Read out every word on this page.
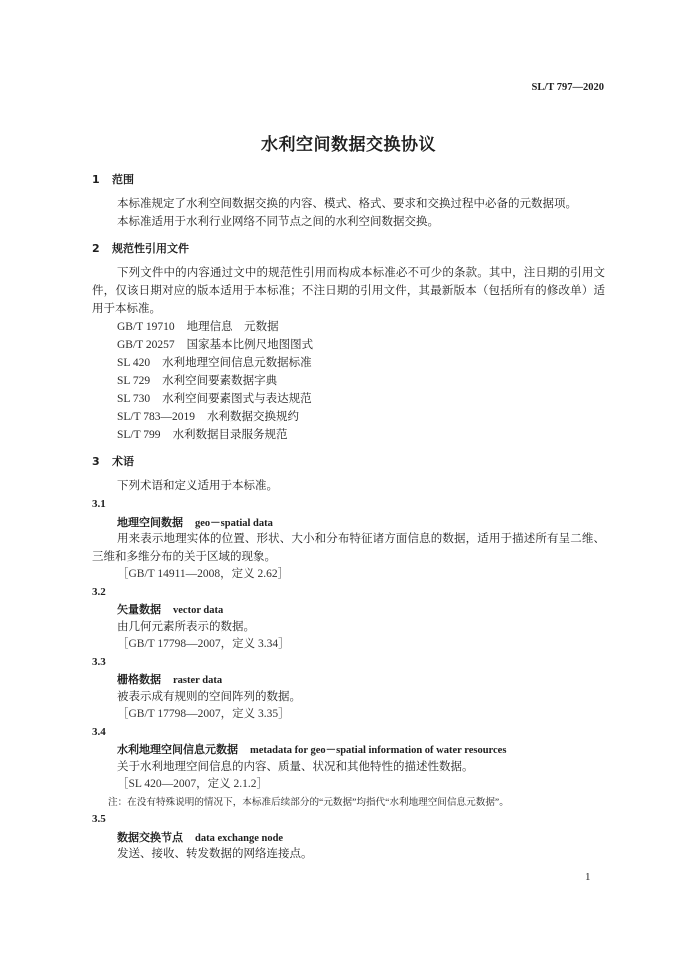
SL/T 797—2020
水利空间数据交换协议
1 范围
本标准规定了水利空间数据交换的内容、模式、格式、要求和交换过程中必备的元数据项。
本标准适用于水利行业网络不同节点之间的水利空间数据交换。
2 规范性引用文件
下列文件中的内容通过文中的规范性引用而构成本标准必不可少的条款。其中，注日期的引用文
件，仅该日期对应的版本适用于本标准；不注日期的引用文件，其最新版本（包括所有的修改单）适
用于本标准。
GB/T 19710 地理信息　元数据
GB/T 20257 国家基本比例尺地图图式
SL 420 水利地理空间信息元数据标准
SL 729 水利空间要素数据字典
SL 730 水利空间要素图式与表达规范
SL/T 783—2019 水利数据交换规约
SL/T 799 水利数据目录服务规范
3 术语
下列术语和定义适用于本标准。
3.1
地理空间数据 geo－spatial data
用来表示地理实体的位置、形状、大小和分布特征诸方面信息的数据，适用于描述所有呈二维、
三维和多维分布的关于区域的现象。
［GB/T 14911—2008，定义 2.62］
3.2
矢量数据 vector data
由几何元素所表示的数据。
［GB/T 17798—2007，定义 3.34］
3.3
栅格数据 raster data
被表示成有规则的空间阵列的数据。
［GB/T 17798—2007，定义 3.35］
3.4
水利地理空间信息元数据 metadata for geo－spatial information of water resources
关于水利地理空间信息的内容、质量、状况和其他特性的描述性数据。
［SL 420—2007，定义 2.1.2］
注：在没有特殊说明的情况下，本标准后续部分的“元数据”均指代“水利地理空间信息元数据”。
3.5
数据交换节点 data exchange node
发送、接收、转发数据的网络连接点。
1
